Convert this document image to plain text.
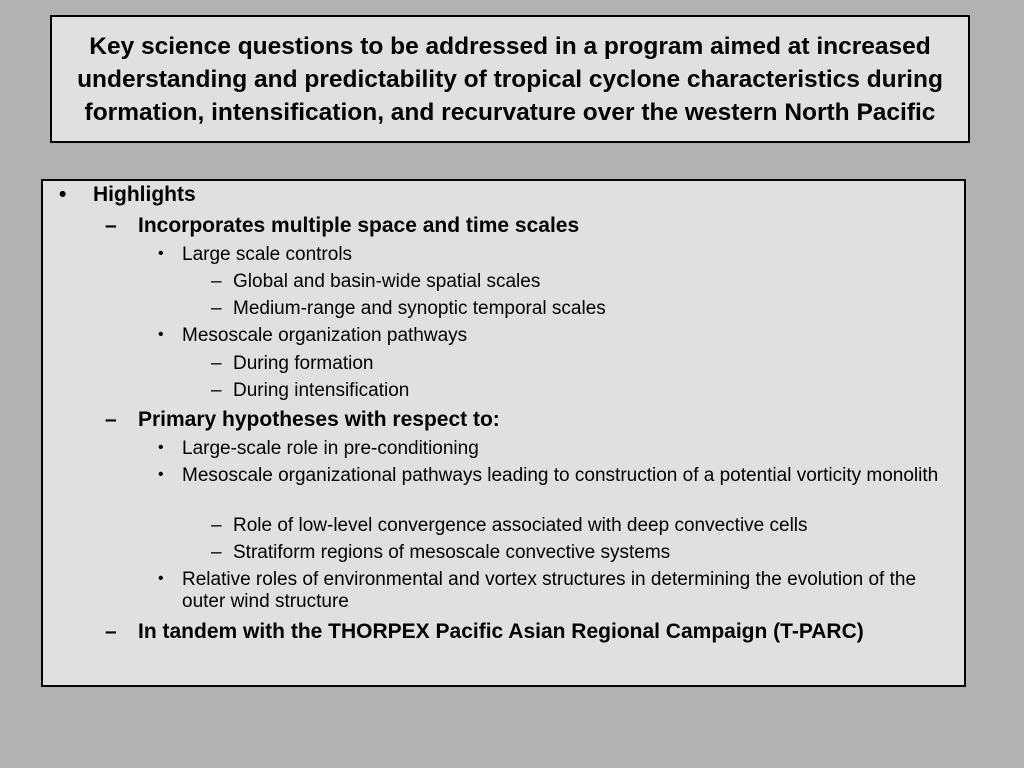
Key science questions to be addressed in a program aimed at increased understanding and predictability of tropical cyclone characteristics during formation, intensification, and recurvature over the western North Pacific
• Highlights
– Incorporates multiple space and time scales
• Large scale controls
– Global and basin-wide spatial scales
– Medium-range and synoptic temporal scales
• Mesoscale organization pathways
– During formation
– During intensification
– Primary hypotheses with respect to:
• Large-scale role in pre-conditioning
• Mesoscale organizational pathways leading to construction of a potential vorticity monolith
– Role of low-level convergence associated with deep convective cells
– Stratiform regions of mesoscale convective systems
• Relative roles of environmental and vortex structures in determining the evolution of the outer wind structure
– In tandem with the THORPEX Pacific Asian Regional Campaign (T-PARC)
